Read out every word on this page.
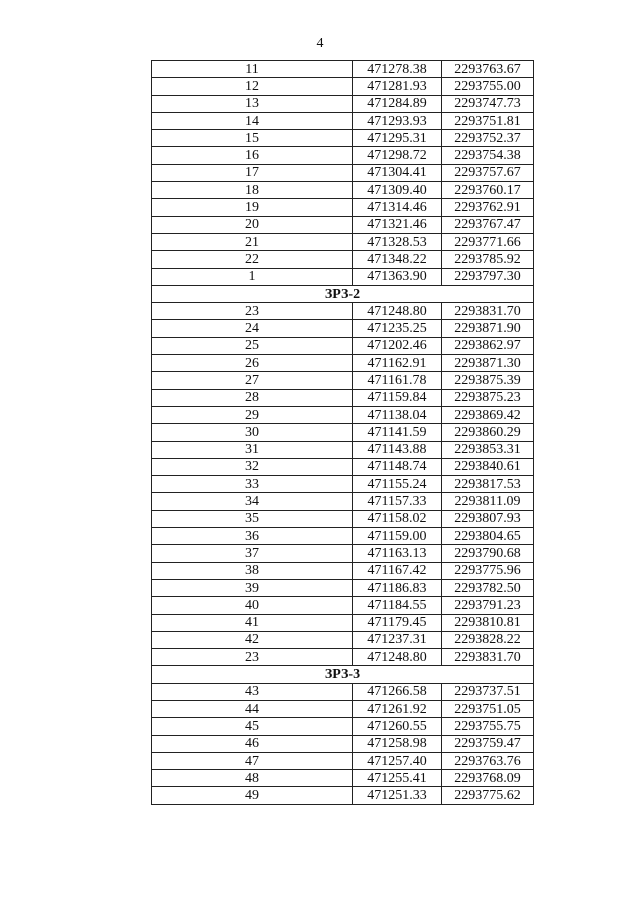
4
11	471278.38	2293763.67
12	471281.93	2293755.00
13	471284.89	2293747.73
14	471293.93	2293751.81
15	471295.31	2293752.37
16	471298.72	2293754.38
17	471304.41	2293757.67
18	471309.40	2293760.17
19	471314.46	2293762.91
20	471321.46	2293767.47
21	471328.53	2293771.66
22	471348.22	2293785.92
1	471363.90	2293797.30
ЗРЗ-2		
23	471248.80	2293831.70
24	471235.25	2293871.90
25	471202.46	2293862.97
26	471162.91	2293871.30
27	471161.78	2293875.39
28	471159.84	2293875.23
29	471138.04	2293869.42
30	471141.59	2293860.29
31	471143.88	2293853.31
32	471148.74	2293840.61
33	471155.24	2293817.53
34	471157.33	2293811.09
35	471158.02	2293807.93
36	471159.00	2293804.65
37	471163.13	2293790.68
38	471167.42	2293775.96
39	471186.83	2293782.50
40	471184.55	2293791.23
41	471179.45	2293810.81
42	471237.31	2293828.22
23	471248.80	2293831.70
ЗРЗ-3		
43	471266.58	2293737.51
44	471261.92	2293751.05
45	471260.55	2293755.75
46	471258.98	2293759.47
47	471257.40	2293763.76
48	471255.41	2293768.09
49	471251.33	2293775.62
